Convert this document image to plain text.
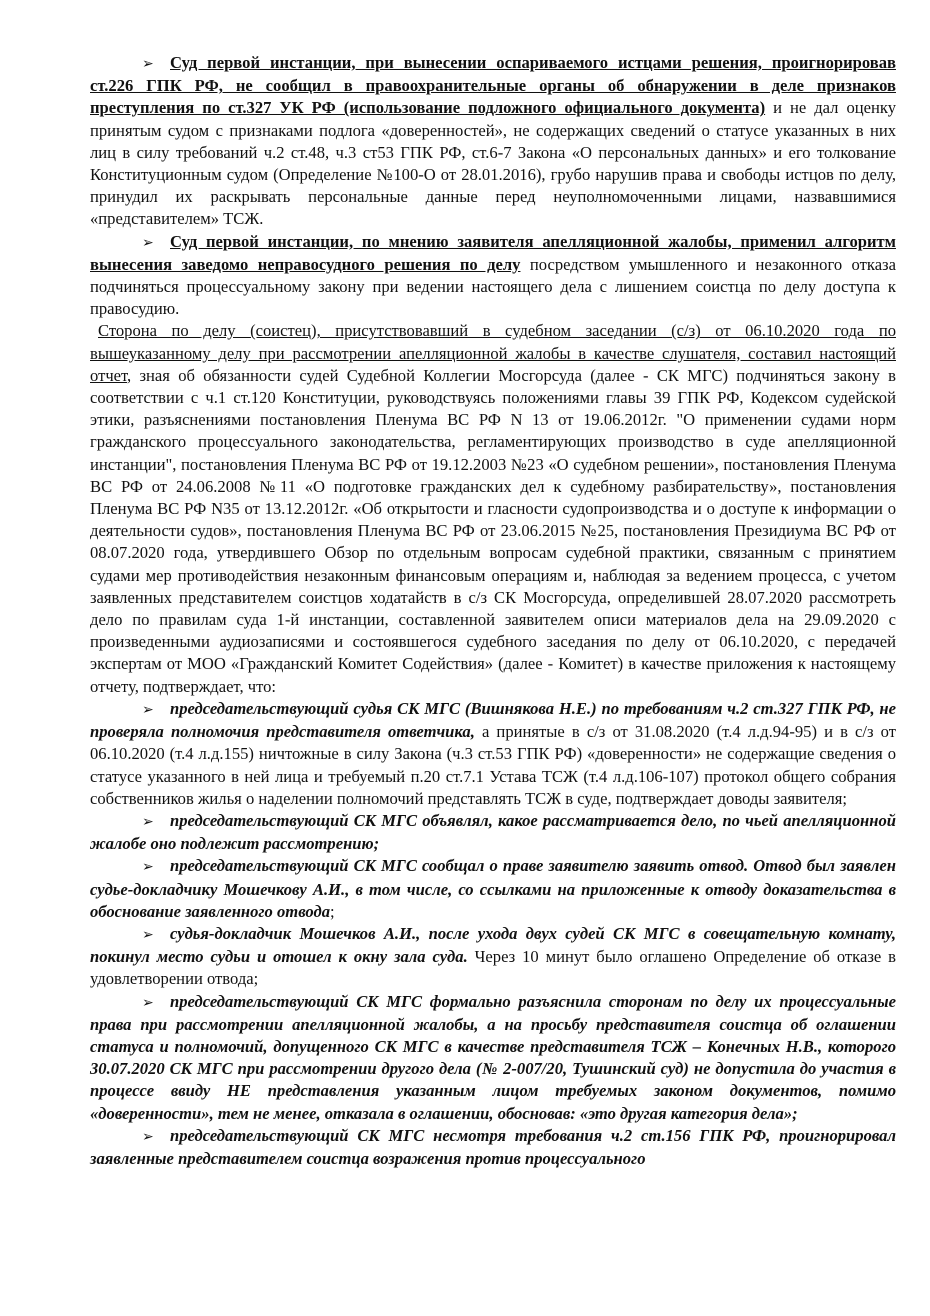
➢ Суд первой инстанции, при вынесении оспариваемого истцами решения, проигнорировав ст.226 ГПК РФ, не сообщил в правоохранительные органы об обнаружении в деле признаков преступления по ст.327 УК РФ (использование подложного официального документа) и не дал оценку принятым судом с признаками подлога «доверенностей», не содержащих сведений о статусе указанных в них лиц в силу требований ч.2 ст.48, ч.3 ст53 ГПК РФ, ст.6-7 Закона «О персональных данных» и его толкование Конституционным судом (Определение №100-О от 28.01.2016), грубо нарушив права и свободы истцов по делу, принудил их раскрывать персональные данные перед неуполномоченными лицами, назвавшимися «представителем» ТСЖ.

➢ Суд первой инстанции, по мнению заявителя апелляционной жалобы, применил алгоритм вынесения заведомо неправосудного решения по делу посредством умышленного и незаконного отказа подчиняться процессуальному закону при ведении настоящего дела с лишением соистца по делу доступа к правосудию.

Сторона по делу (соистец), присутствовавший в судебном заседании (с/з) от 06.10.2020 года по вышеуказанному делу при рассмотрении апелляционной жалобы в качестве слушателя, составил настоящий отчет, зная об обязанности судей Судебной Коллегии Мосгорсуда (далее - СК МГС) подчиняться закону в соответствии с ч.1 ст.120 Конституции, руководствуясь положениями главы 39 ГПК РФ, Кодексом судейской этики, разъяснениями постановления Пленума ВС РФ N 13 от 19.06.2012г. "О применении судами норм гражданского процессуального законодательства, регламентирующих производство в суде апелляционной инстанции", постановления Пленума ВС РФ от 19.12.2003 №23 «О судебном решении», постановления Пленума ВС РФ от 24.06.2008 №11 «О подготовке гражданских дел к судебному разбирательству», постановления Пленума ВС РФ N35 от 13.12.2012г. «Об открытости и гласности судопроизводства и о доступе к информации о деятельности судов», постановления Пленума ВС РФ от 23.06.2015 №25, постановления Президиума ВС РФ от 08.07.2020 года, утвердившего Обзор по отдельным вопросам судебной практики, связанным с принятием судами мер противодействия незаконным финансовым операциям и, наблюдая за ведением процесса, с учетом заявленных представителем соистцов ходатайств в с/з СК Мосгорсуда, определившей 28.07.2020 рассмотреть дело по правилам суда 1-й инстанции, составленной заявителем описи материалов дела на 29.09.2020 с произведенными аудиозаписями и состоявшегося судебного заседания по делу от 06.10.2020, с передачей экспертам от МОО «Гражданский Комитет Содействия» (далее - Комитет) в качестве приложения к настоящему отчету, подтверждает, что:

➢ председательствующий судья СК МГС (Вишнякова Н.Е.) по требованиям ч.2 ст.327 ГПК РФ, не проверяла полномочия представителя ответчика, а принятые в с/з от 31.08.2020 (т.4 л.д.94-95) и в с/з от 06.10.2020 (т.4 л.д.155) ничтожные в силу Закона (ч.3 ст.53 ГПК РФ) «доверенности» не содержащие сведения о статусе указанного в ней лица и требуемый п.20 ст.7.1 Устава ТСЖ (т.4 л.д.106-107) протокол общего собрания собственников жилья о наделении полномочий представлять ТСЖ в суде, подтверждает доводы заявителя;

➢ председательствующий СК МГС объявлял, какое рассматривается дело, по чьей апелляционной жалобе оно подлежит рассмотрению;

➢ председательствующий СК МГС сообщал о праве заявителю заявить отвод. Отвод был заявлен судье-докладчику Мошечкову А.И., в том числе, со ссылками на приложенные к отводу доказательства в обоснование заявленного отвода;

➢ судья-докладчик Мошечков А.И., после ухода двух судей СК МГС в совещательную комнату, покинул место судьи и отошел к окну зала суда. Через 10 минут было оглашено Определение об отказе в удовлетворении отвода;

➢ председательствующий СК МГС формально разъяснила сторонам по делу их процессуальные права при рассмотрении апелляционной жалобы, а на просьбу представителя соистца об оглашении статуса и полномочий, допущенного СК МГС в качестве представителя ТСЖ – Конечных Н.В., которого 30.07.2020 СК МГС при рассмотрении другого дела (№ 2-007/20, Тушинский суд) не допустила до участия в процессе ввиду НЕ представления указанным лицом требуемых законом документов, помимо «доверенности», тем не менее, отказала в оглашении, обосновав: «это другая категория дела»;

➢ председательствующий СК МГС несмотря требования ч.2 ст.156 ГПК РФ, проигнорировал заявленные представителем соистца возражения против процессуального
